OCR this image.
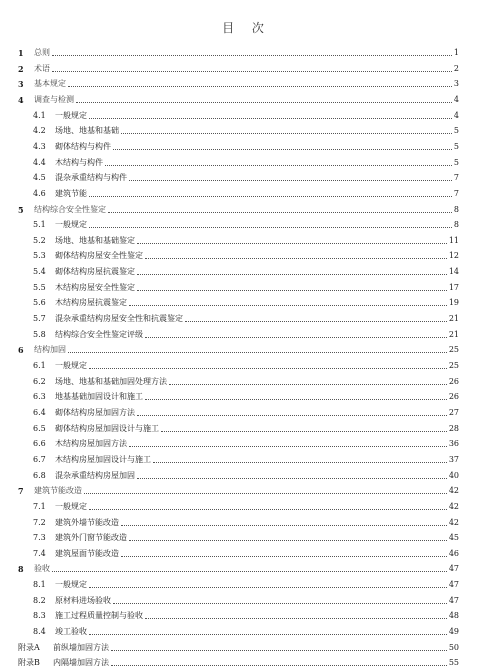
目 次
1	总则	1
2	术语	2
3	基本规定	3
4	调查与检测	4
4.1	一般规定	4
4.2	场地、地基和基础	5
4.3	砌体结构与构件	5
4.4	木结构与构件	5
4.5	混杂承重结构与构件	7
4.6	建筑节能	7
5	结构综合安全性鉴定	8
5.1	一般规定	8
5.2	场地、地基和基础鉴定	11
5.3	砌体结构房屋安全性鉴定	12
5.4	砌体结构房屋抗震鉴定	14
5.5	木结构房屋安全性鉴定	17
5.6	木结构房屋抗震鉴定	19
5.7	混杂承重结构房屋安全性和抗震鉴定	21
5.8	结构综合安全性鉴定评级	21
6	结构加固	25
6.1	一般规定	25
6.2	场地、地基和基础加固处理方法	26
6.3	地基基础加固设计和施工	26
6.4	砌体结构房屋加固方法	27
6.5	砌体结构房屋加固设计与施工	28
6.6	木结构房屋加固方法	36
6.7	木结构房屋加固设计与施工	37
6.8	混杂承重结构房屋加固	40
7	建筑节能改造	42
7.1	一般规定	42
7.2	建筑外墙节能改造	42
7.3	建筑外门窗节能改造	45
7.4	建筑屋面节能改造	46
8	验收	47
8.1	一般规定	47
8.2	原材料进场验收	47
8.3	施工过程质量控制与验收	48
8.4	竣工验收	49
附录A	前纵墙加固方法	50
附录B	内隔墙加固方法	55
